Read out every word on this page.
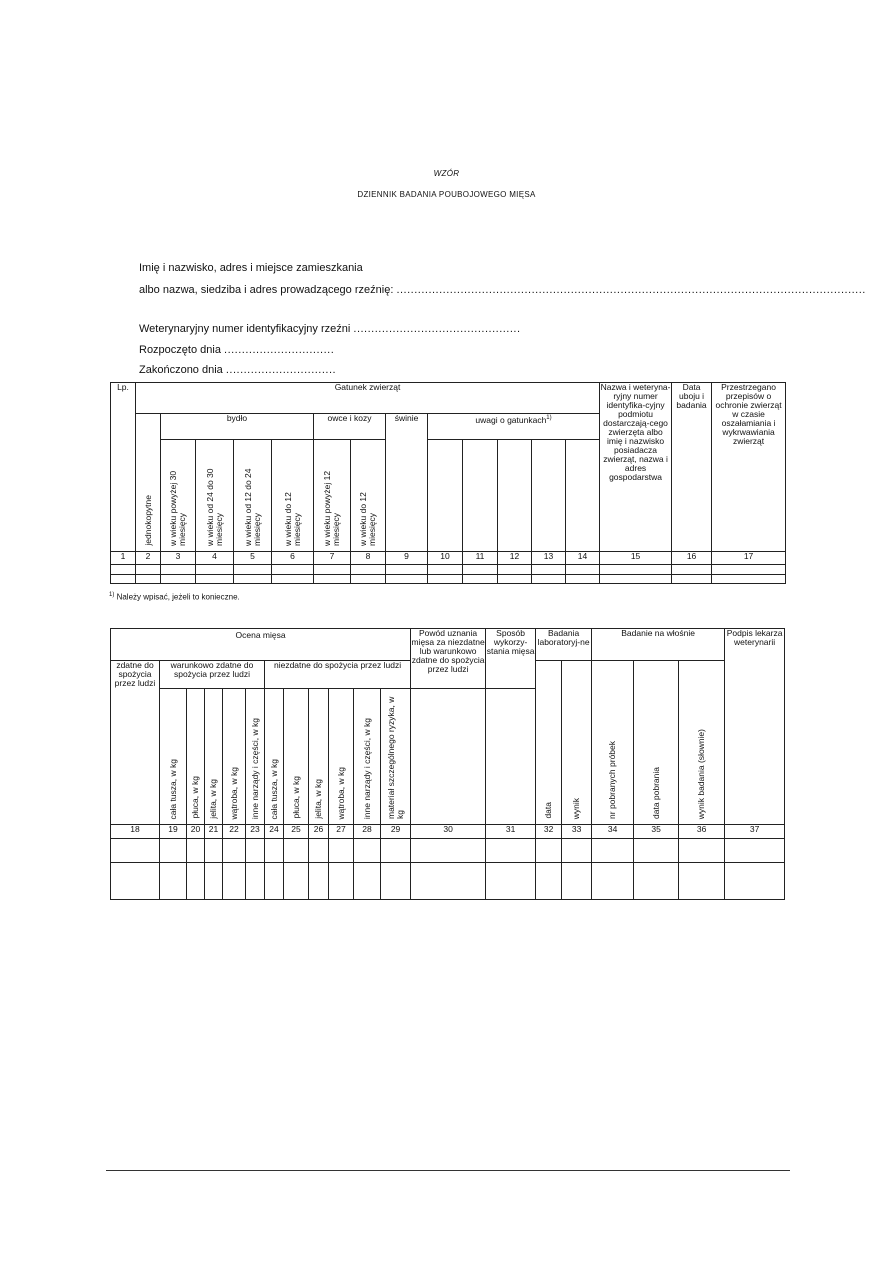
WZÓR
DZIENNIK BADANIA POUBOJOWEGO MIĘSA
Imię i nazwisko, adres i miejsce zamieszkania
albo nazwa, siedziba i adres prowadzącego rzeźnię: ....................................................................................................................................
Weterynaryjny numer identyfikacyjny rzeźni ...............................................
Rozpoczęto dnia ...............................
Zakończono dnia ...............................
Lp.	Gatunek zwierząt													Nazwa i weteryna-ryjny numer identyfika-cyjny podmiotu dostarczają-cego zwierzęta albo imię i nazwisko posiadacza zwierząt, nazwa i adres gospodarstwa	Data uboju i badania	Przestrzegano przepisów o ochronie zwierząt w czasie oszałamiania i wykrwawiania zwierząt
	jednokopytne	bydło				owce i kozy		świnie	uwagi o gatunkach$^{1)}$
		w wieku powyżej 30 miesięcy	w wieku od 24 do 30 miesięcy	w wieku od 12 do 24 miesięcy	w wieku do 12 miesięcy	w wieku powyżej 12 miesięcy	w wieku do 12 miesięcy									
1	2	3	4	5	6	7	8	9	10	11	12	13	14	15	16	17

$^{1)}$ Należy wpisać, jeżeli to konieczne.
Ocena mięsa												Powód uznania mięsa za niezdatne lub warunkowo zdatne do spożycia przez ludzi	Sposób wykorzy-stania mięsa	Badania laboratoryj-ne		Badanie na włośnie			Podpis lekarza weterynarii
zdatne do spożycia przez ludzi	warunkowo zdatne do spożycia przez ludzi					niezdatne do spożycia przez ludzi								data	wynik	nr pobranych próbek	data pobrania	wynik badania (słownie)	
	cała tusza, w kg	płuca, w kg	jelita, w kg	wątroba, w kg	inne narządy i części, w kg	cała tusza, w kg	płuca, w kg	jelita, w kg	wątroba, w kg	inne narządy i części, w kg	materiał szczególnego ryzyka, w kg								
18	19	20	21	22	23	24	25	26	27	28	29	30	31	32	33	34	35	36	37
